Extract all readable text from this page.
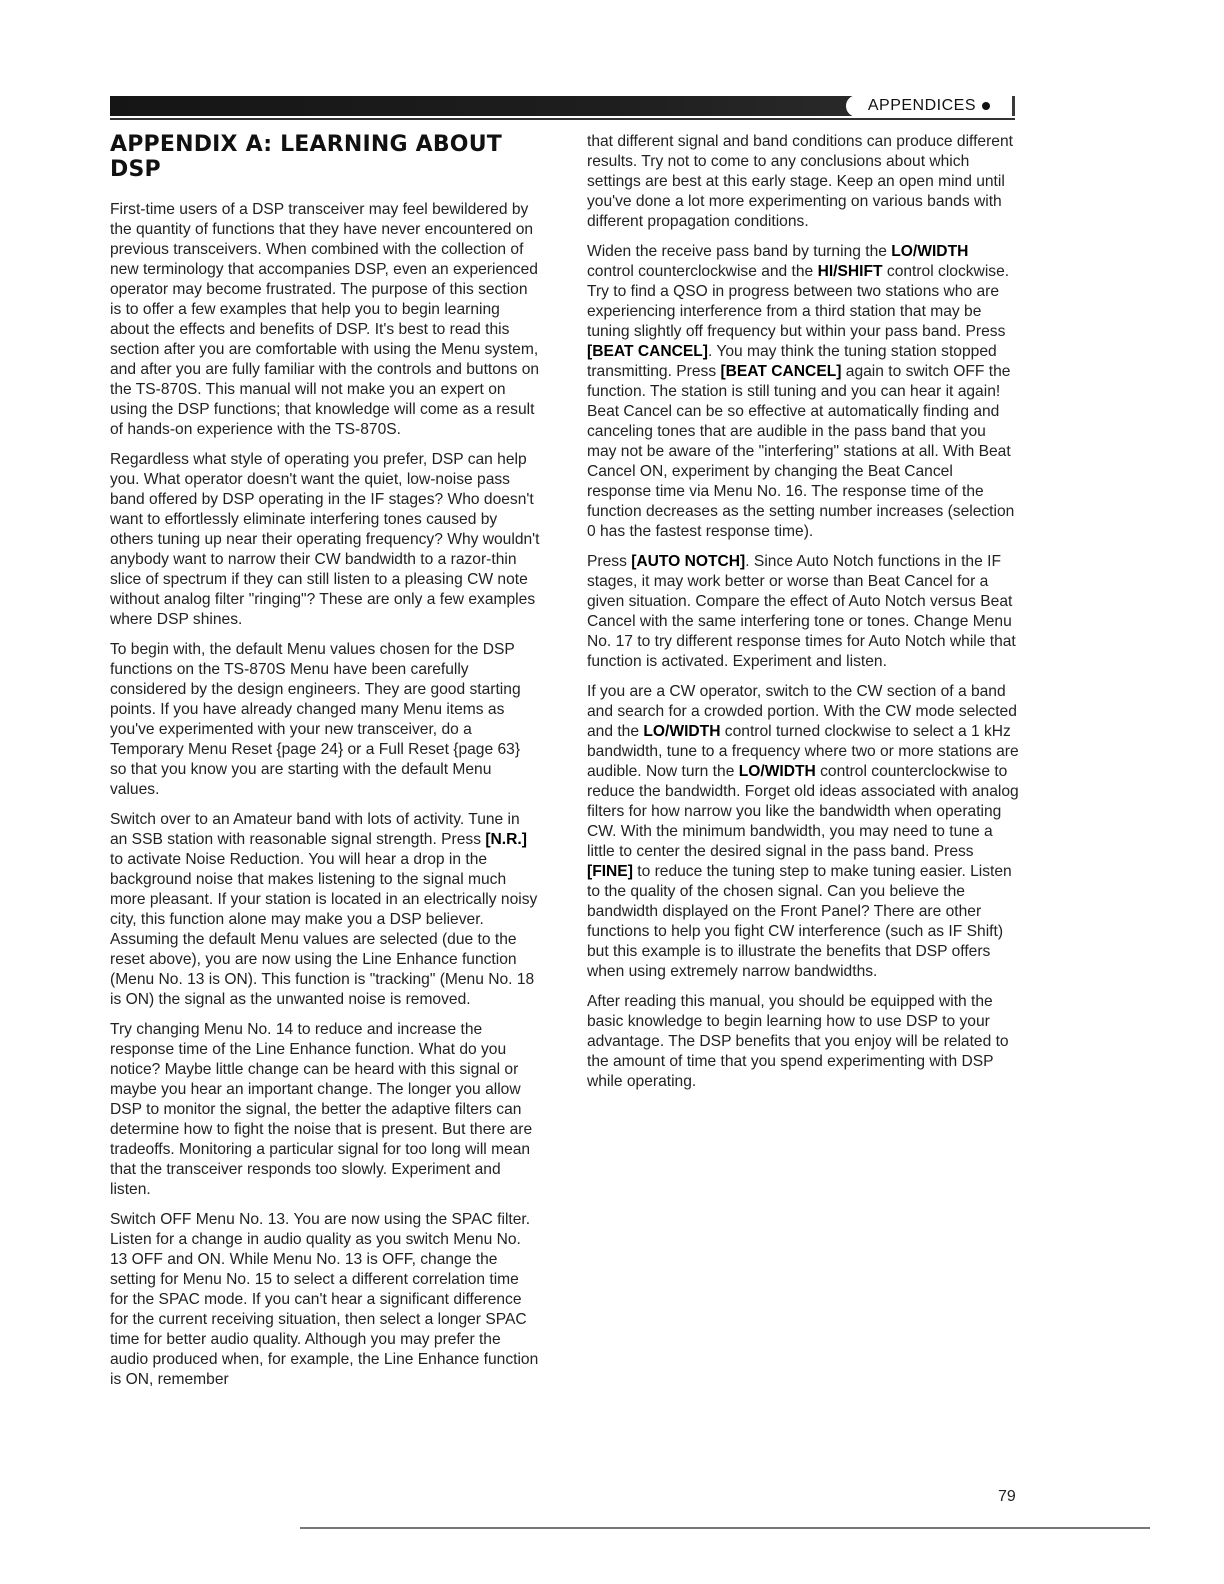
APPENDICES
APPENDIX A: LEARNING ABOUT DSP

First-time users of a DSP transceiver may feel bewildered by the quantity of functions that they have never encountered on previous transceivers. When combined with the collection of new terminology that accompanies DSP, even an experienced operator may become frustrated. The purpose of this section is to offer a few examples that help you to begin learning about the effects and benefits of DSP. It's best to read this section after you are comfortable with using the Menu system, and after you are fully familiar with the controls and buttons on the TS-870S. This manual will not make you an expert on using the DSP functions; that knowledge will come as a result of hands-on experience with the TS-870S.

Regardless what style of operating you prefer, DSP can help you. What operator doesn't want the quiet, low-noise pass band offered by DSP operating in the IF stages? Who doesn't want to effortlessly eliminate interfering tones caused by others tuning up near their operating frequency? Why wouldn't anybody want to narrow their CW bandwidth to a razor-thin slice of spectrum if they can still listen to a pleasing CW note without analog filter "ringing"? These are only a few examples where DSP shines.

To begin with, the default Menu values chosen for the DSP functions on the TS-870S Menu have been carefully considered by the design engineers. They are good starting points. If you have already changed many Menu items as you've experimented with your new transceiver, do a Temporary Menu Reset {page 24} or a Full Reset {page 63} so that you know you are starting with the default Menu values.

Switch over to an Amateur band with lots of activity. Tune in an SSB station with reasonable signal strength. Press [N.R.] to activate Noise Reduction. You will hear a drop in the background noise that makes listening to the signal much more pleasant. If your station is located in an electrically noisy city, this function alone may make you a DSP believer. Assuming the default Menu values are selected (due to the reset above), you are now using the Line Enhance function (Menu No. 13 is ON). This function is "tracking" (Menu No. 18 is ON) the signal as the unwanted noise is removed.

Try changing Menu No. 14 to reduce and increase the response time of the Line Enhance function. What do you notice? Maybe little change can be heard with this signal or maybe you hear an important change. The longer you allow DSP to monitor the signal, the better the adaptive filters can determine how to fight the noise that is present. But there are tradeoffs. Monitoring a particular signal for too long will mean that the transceiver responds too slowly. Experiment and listen.

Switch OFF Menu No. 13. You are now using the SPAC filter. Listen for a change in audio quality as you switch Menu No. 13 OFF and ON. While Menu No. 13 is OFF, change the setting for Menu No. 15 to select a different correlation time for the SPAC mode. If you can't hear a significant difference for the current receiving situation, then select a longer SPAC time for better audio quality. Although you may prefer the audio produced when, for example, the Line Enhance function is ON, remember

that different signal and band conditions can produce different results. Try not to come to any conclusions about which settings are best at this early stage. Keep an open mind until you've done a lot more experimenting on various bands with different propagation conditions.

Widen the receive pass band by turning the LO/WIDTH control counterclockwise and the HI/SHIFT control clockwise. Try to find a QSO in progress between two stations who are experiencing interference from a third station that may be tuning slightly off frequency but within your pass band. Press [BEAT CANCEL]. You may think the tuning station stopped transmitting. Press [BEAT CANCEL] again to switch OFF the function. The station is still tuning and you can hear it again! Beat Cancel can be so effective at automatically finding and canceling tones that are audible in the pass band that you may not be aware of the "interfering" stations at all. With Beat Cancel ON, experiment by changing the Beat Cancel response time via Menu No. 16. The response time of the function decreases as the setting number increases (selection 0 has the fastest response time).

Press [AUTO NOTCH]. Since Auto Notch functions in the IF stages, it may work better or worse than Beat Cancel for a given situation. Compare the effect of Auto Notch versus Beat Cancel with the same interfering tone or tones. Change Menu No. 17 to try different response times for Auto Notch while that function is activated. Experiment and listen.

If you are a CW operator, switch to the CW section of a band and search for a crowded portion. With the CW mode selected and the LO/WIDTH control turned clockwise to select a 1 kHz bandwidth, tune to a frequency where two or more stations are audible. Now turn the LO/WIDTH control counterclockwise to reduce the bandwidth. Forget old ideas associated with analog filters for how narrow you like the bandwidth when operating CW. With the minimum bandwidth, you may need to tune a little to center the desired signal in the pass band. Press [FINE] to reduce the tuning step to make tuning easier. Listen to the quality of the chosen signal. Can you believe the bandwidth displayed on the Front Panel? There are other functions to help you fight CW interference (such as IF Shift) but this example is to illustrate the benefits that DSP offers when using extremely narrow bandwidths.

After reading this manual, you should be equipped with the basic knowledge to begin learning how to use DSP to your advantage. The DSP benefits that you enjoy will be related to the amount of time that you spend experimenting with DSP while operating.

79
